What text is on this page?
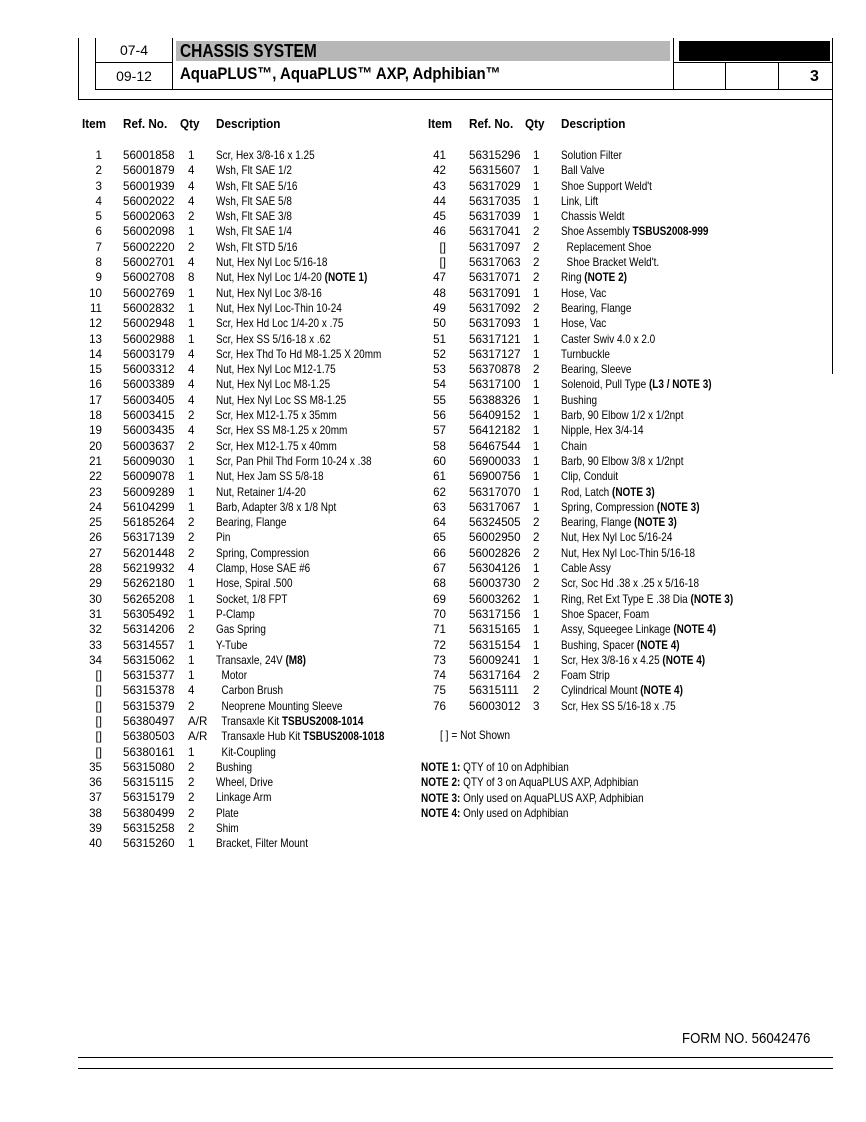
07-4
09-12
CHASSIS SYSTEM
AquaPLUS™, AquaPLUS™ AXP, Adphibian™	3
Item Ref. No. Qty Description	Item Ref. No. Qty Description
1 56001858 1 Scr, Hex 3/8-16 x 1.25
2 56001879 4 Wsh, Flt SAE 1/2
3 56001939 4 Wsh, Flt SAE 5/16
4 56002022 4 Wsh, Flt SAE 5/8
5 56002063 2 Wsh, Flt SAE 3/8
6 56002098 1 Wsh, Flt SAE 1/4
7 56002220 2 Wsh, Flt STD 5/16
8 56002701 4 Nut, Hex Nyl Loc 5/16-18
9 56002708 8 Nut, Hex Nyl Loc 1/4-20 (NOTE 1)
10 56002769 1 Nut, Hex Nyl Loc 3/8-16
11 56002832 1 Nut, Hex Nyl Loc-Thin 10-24
12 56002948 1 Scr, Hex Hd Loc 1/4-20 x .75
13 56002988 1 Scr, Hex SS 5/16-18 x .62
14 56003179 4 Scr, Hex Thd To Hd M8-1.25 X 20mm
15 56003312 4 Nut, Hex Nyl Loc M12-1.75
16 56003389 4 Nut, Hex Nyl Loc M8-1.25
17 56003405 4 Nut, Hex Nyl Loc SS M8-1.25
18 56003415 2 Scr, Hex M12-1.75 x 35mm
19 56003435 4 Scr, Hex SS M8-1.25 x 20mm
20 56003637 2 Scr, Hex M12-1.75 x 40mm
21 56009030 1 Scr, Pan Phil Thd Form 10-24 x .38
22 56009078 1 Nut, Hex Jam SS 5/8-18
23 56009289 1 Nut, Retainer 1/4-20
24 56104299 1 Barb, Adapter 3/8 x 1/8 Npt
25 56185264 2 Bearing, Flange
26 56317139 2 Pin
27 56201448 2 Spring, Compression
28 56219932 4 Clamp, Hose SAE #6
29 56262180 1 Hose, Spiral .500
30 56265208 1 Socket, 1/8 FPT
31 56305492 1 P-Clamp
32 56314206 2 Gas Spring
33 56314557 1 Y-Tube
34 56315062 1 Transaxle, 24V (M8)
[] 56315377 1 Motor
[] 56315378 4 Carbon Brush
[] 56315379 2 Neoprene Mounting Sleeve
[] 56380497 A/R Transaxle Kit TSBUS2008-1014
[] 56380503 A/R Transaxle Hub Kit TSBUS2008-1018
[] 56380161 1 Kit-Coupling
35 56315080 2 Bushing
36 56315115 2 Wheel, Drive
37 56315179 2 Linkage Arm
38 56380499 2 Plate
39 56315258 2 Shim
40 56315260 1 Bracket, Filter Mount
41 56315296 1 Solution Filter
42 56315607 1 Ball Valve
43 56317029 1 Shoe Support Weld't
44 56317035 1 Link, Lift
45 56317039 1 Chassis Weldt
46 56317041 2 Shoe Assembly TSBUS2008-999
[] 56317097 2 Replacement Shoe
[] 56317063 2 Shoe Bracket Weld't.
47 56317071 2 Ring (NOTE 2)
48 56317091 1 Hose, Vac
49 56317092 2 Bearing, Flange
50 56317093 1 Hose, Vac
51 56317121 1 Caster Swiv 4.0 x 2.0
52 56317127 1 Turnbuckle
53 56370878 2 Bearing, Sleeve
54 56317100 1 Solenoid, Pull Type (L3 / NOTE 3)
55 56388326 1 Bushing
56 56409152 1 Barb, 90 Elbow 1/2 x 1/2npt
57 56412182 1 Nipple, Hex 3/4-14
58 56467544 1 Chain
60 56900033 1 Barb, 90 Elbow 3/8 x 1/2npt
61 56900756 1 Clip, Conduit
62 56317070 1 Rod, Latch (NOTE 3)
63 56317067 1 Spring, Compression (NOTE 3)
64 56324505 2 Bearing, Flange (NOTE 3)
65 56002950 2 Nut, Hex Nyl Loc 5/16-24
66 56002826 2 Nut, Hex Nyl Loc-Thin 5/16-18
67 56304126 1 Cable Assy
68 56003730 2 Scr, Soc Hd .38 x .25 x 5/16-18
69 56003262 1 Ring, Ret Ext Type E .38 Dia (NOTE 3)
70 56317156 1 Shoe Spacer, Foam
71 56315165 1 Assy, Squeegee Linkage (NOTE 4)
72 56315154 1 Bushing, Spacer (NOTE 4)
73 56009241 1 Scr, Hex 3/8-16 x 4.25 (NOTE 4)
74 56317164 2 Foam Strip
75 56315111 2 Cylindrical Mount (NOTE 4)
76 56003012 3 Scr, Hex SS 5/16-18 x .75
[ ] = Not Shown
NOTE 1: QTY of 10 on Adphibian
NOTE 2: QTY of 3 on AquaPLUS AXP, Adphibian
NOTE 3: Only used on AquaPLUS AXP, Adphibian
NOTE 4: Only used on Adphibian
FORM NO. 56042476
